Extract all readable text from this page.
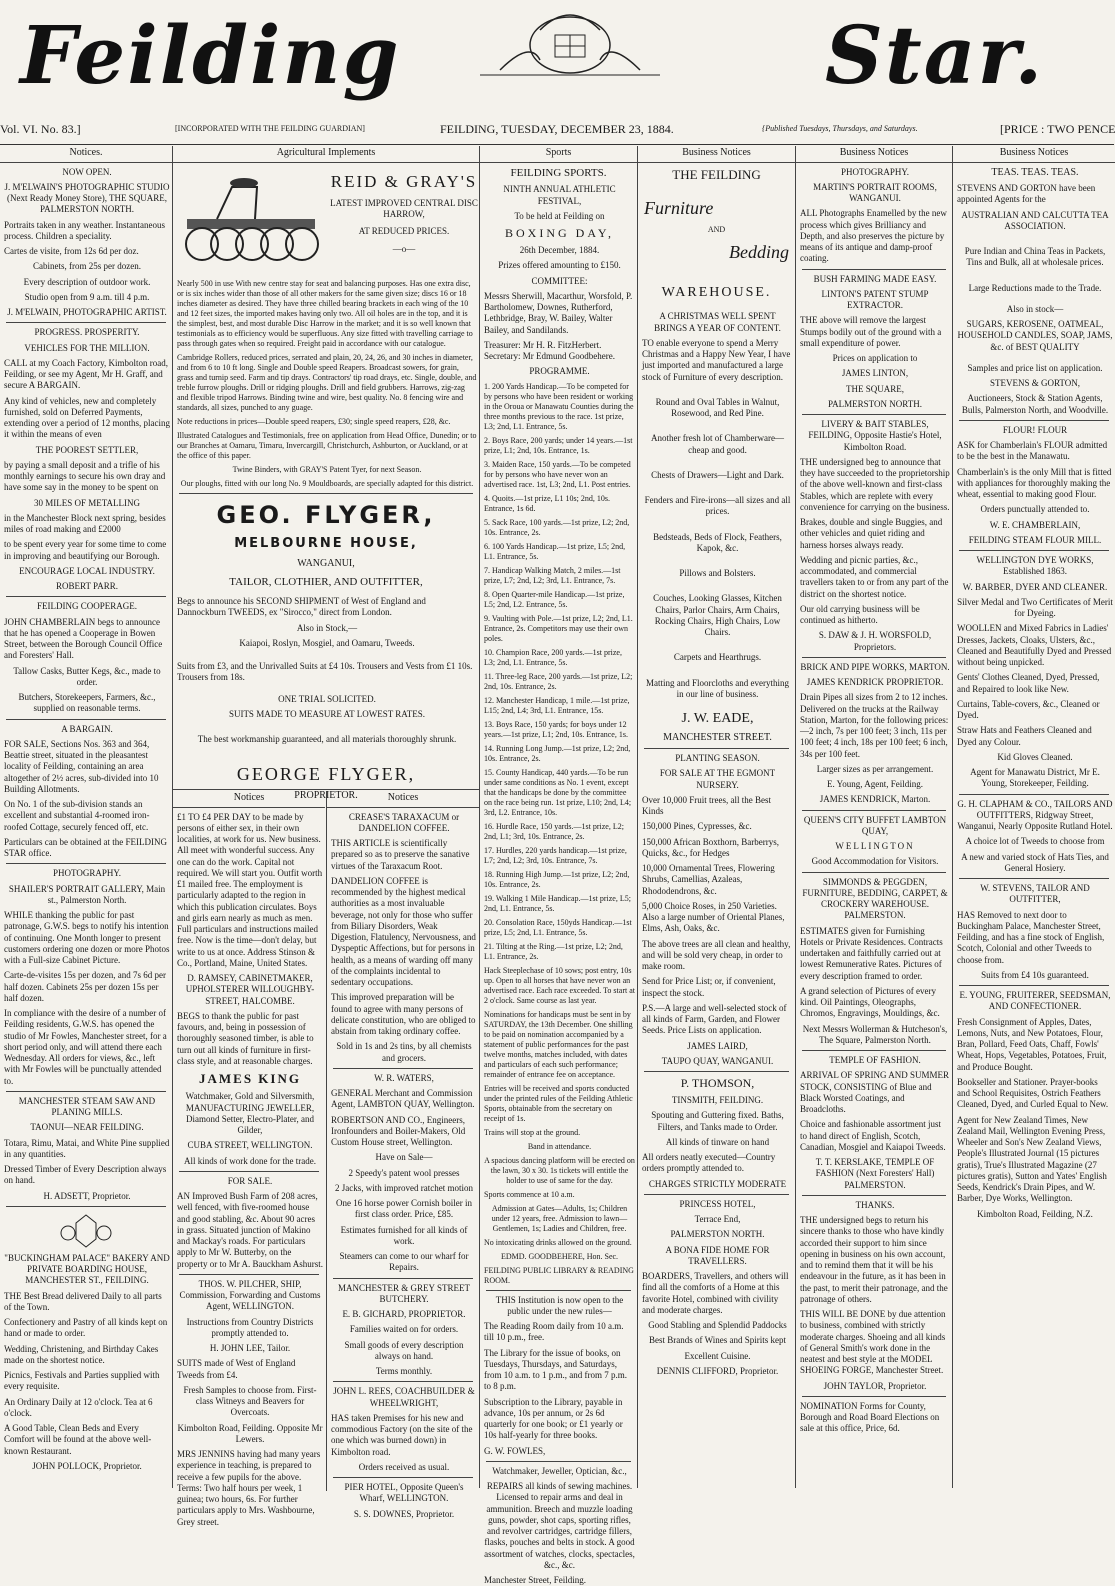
Feilding	Star.
Vol. VI. No. 83.]	[INCORPORATED WITH THE FEILDING GUARDIAN]	FEILDING, TUESDAY, DECEMBER 23, 1884.	{Published Tuesdays, Thursdays, and Saturdays.	[PRICE : TWO PENCE
Notices.

NOW OPEN.

J. M'ELWAIN'S PHOTOGRAPHIC STUDIO (Next Ready Money Store), THE SQUARE, PALMERSTON NORTH.

Portraits taken in any weather. Instantaneous process. Children a speciality.

Cartes de visite, from 12s 6d per doz.

Cabinets, from 25s per dozen.

Every description of outdoor work.

Studio open from 9 a.m. till 4 p.m.

J. M'ELWAIN, PHOTOGRAPHIC ARTIST.

PROGRESS. PROSPERITY.

VEHICLES FOR THE MILLION.

CALL at my Coach Factory, Kimbolton road, Feilding, or see my Agent, Mr H. Graff, and secure A BARGAIN.

Any kind of vehicles, new and completely furnished, sold on Deferred Payments, extending over a period of 12 months, placing it within the means of even

THE POOREST SETTLER,

by paying a small deposit and a trifle of his monthly earnings to secure his own dray and have some say in the money to be spent on

30 MILES OF METALLING

in the Manchester Block next spring, besides miles of road making and £2000

to be spent every year for some time to come in improving and beautifying our Borough.

ENCOURAGE LOCAL INDUSTRY.

ROBERT PARR.

FEILDING COOPERAGE.

JOHN CHAMBERLAIN begs to announce that he has opened a Cooperage in Bowen Street, between the Borough Council Office and Foresters' Hall.

Tallow Casks, Butter Kegs, &c., made to order.

Butchers, Storekeepers, Farmers, &c., supplied on reasonable terms.

A BARGAIN.

FOR SALE, Sections Nos. 363 and 364, Beattie street, situated in the pleasantest locality of Feilding, containing an area altogether of 2½ acres, sub-divided into 10 Building Allotments.

On No. 1 of the sub-division stands an excellent and substantial 4-roomed iron-roofed Cottage, securely fenced off, etc.

Particulars can be obtained at the FEILDING STAR office.

PHOTOGRAPHY.

SHAILER'S PORTRAIT GALLERY, Main st., Palmerston North.

WHILE thanking the public for past patronage, G.W.S. begs to notify his intention of continuing. One Month longer to present customers ordering one dozen or more Photos with a Full-size Cabinet Picture.

Carte-de-visites 15s per dozen, and 7s 6d per half dozen. Cabinets 25s per dozen 15s per half dozen.

In compliance with the desire of a number of Feilding residents, G.W.S. has opened the studio of Mr Fowles, Manchester street, for a short period only, and will attend there each Wednesday. All orders for views, &c., left with Mr Fowles will be punctually attended to.

MANCHESTER STEAM SAW AND PLANING MILLS.

TAONUI—NEAR FEILDING.

Totara, Rimu, Matai, and White Pine supplied in any quantities.

Dressed Timber of Every Description always on hand.

H. ADSETT, Proprietor.

"BUCKINGHAM PALACE" BAKERY AND PRIVATE BOARDING HOUSE, MANCHESTER ST., FEILDING.

THE Best Bread delivered Daily to all parts of the Town.

Confectionery and Pastry of all kinds kept on hand or made to order.

Wedding, Christening, and Birthday Cakes made on the shortest notice.

Picnics, Festivals and Parties supplied with every requisite.

An Ordinary Daily at 12 o'clock. Tea at 6 o'clock.

A Good Table, Clean Beds and Every Comfort will be found at the above well-known Restaurant.

JOHN POLLOCK, Proprietor.

Agricultural Implements
REID & GRAY'S
LATEST IMPROVED CENTRAL DISC HARROW,
AT REDUCED PRICES.
—o—

Nearly 500 in use With new centre stay for seat and balancing purposes. Has one extra disc, or is six inches wider than those of all other makers for the same given size; discs 16 or 18 inches diameter as desired. They have three chilled bearing brackets in each wing of the 10 and 12 feet sizes, the imported makes having only two. All oil holes are in the top, and it is the simplest, best, and most durable Disc Harrow in the market; and it is so well known that testimonials as to efficiency would be superfluous. Any size fitted with travelling carriage to pass through gates when so required. Freight paid in accordance with our catalogue.

Cambridge Rollers, reduced prices, serrated and plain, 20, 24, 26, and 30 inches in diameter, and from 6 to 10 ft long. Single and Double speed Reapers. Broadcast sowers, for grain, grass and turnip seed. Farm and tip drays. Contractors' tip road drays, etc. Single, double, and treble furrow ploughs. Drill or ridging ploughs. Drill and field grubbers. Harrows, zig-zag and flexible tripod Harrows. Binding twine and wire, best quality. No. 8 fencing wire and standards, all sizes, punched to any guage.

Note reductions in prices—Double speed reapers, £30; single speed reapers, £28, &c.

Illustrated Catalogues and Testimonials, free on application from Head Office, Dunedin; or to our Branches at Oamaru, Timaru, Invercargill, Christchurch, Ashburton, or Auckland, or at the office of this paper.

Twine Binders, with GRAY'S Patent Tyer, for next Season.

Our ploughs, fitted with our long No. 9 Mouldboards, are specially adapted for this district.

GEO. FLYGER,
MELBOURNE HOUSE,
WANGANUI,
TAILOR, CLOTHIER, AND OUTFITTER,

Begs to announce his SECOND SHIPMENT of West of England and Dannockburn TWEEDS, ex "Sirocco," direct from London.

Also in Stock,—

Kaiapoi, Roslyn, Mosgiel, and Oamaru, Tweeds.

Suits from £3, and the Unrivalled Suits at £4 10s. Trousers and Vests from £1 10s. Trousers from 18s.

ONE TRIAL SOLICITED.

SUITS MADE TO MEASURE AT LOWEST RATES.

The best workmanship guaranteed, and all materials thoroughly shrunk.

GEORGE FLYGER,
PROPRIETOR.
Notices

£1 TO £4 PER DAY to be made by persons of either sex, in their own localities, at work for us. New business. All meet with wonderful success. Any one can do the work. Capital not required. We will start you. Outfit worth £1 mailed free. The employment is particularly adapted to the region in which this publication circulates. Boys and girls earn nearly as much as men. Full particulars and instructions mailed free. Now is the time—don't delay, but write to us at once. Address Stinson & Co., Portland, Maine, United States.

D. RAMSEY, CABINETMAKER, UPHOLSTERER WILLOUGHBY-STREET, HALCOMBE.

BEGS to thank the public for past favours, and, being in possession of thoroughly seasoned timber, is able to turn out all kinds of furniture in first-class style, and at reasonable charges.

JAMES KING

Watchmaker, Gold and Silversmith, MANUFACTURING JEWELLER, Diamond Setter, Electro-Plater, and Gilder,

CUBA STREET, WELLINGTON.

All kinds of work done for the trade.

FOR SALE.

AN Improved Bush Farm of 208 acres, well fenced, with five-roomed house and good stabling, &c. About 90 acres in grass. Situated junction of Makino and Mackay's roads. For particulars apply to Mr W. Butterby, on the property or to Mr A. Bauckham Ashurst.

THOS. W. PILCHER, SHIP, Commission, Forwarding and Customs Agent, WELLINGTON.

Instructions from Country Districts promptly attended to.

H. JOHN LEE, Tailor.

SUITS made of West of England Tweeds from £4.

Fresh Samples to choose from. First-class Witneys and Beavers for Overcoats.

Kimbolton Road, Feilding. Opposite Mr Lewers.

MRS JENNINS having had many years experience in teaching, is prepared to receive a few pupils for the above. Terms: Two half hours per week, 1 guinea; two hours, 6s. For further particulars apply to Mrs. Washbourne, Grey street.

Notices

CREASE'S TARAXACUM or DANDELION COFFEE.

THIS ARTICLE is scientifically prepared so as to preserve the sanative virtues of the Taraxacum Root.

DANDELION COFFEE is recommended by the highest medical authorities as a most invaluable beverage, not only for those who suffer from Biliary Disorders, Weak Digestion, Flatulency, Nervousness, and Dyspeptic Affections, but for persons in health, as a means of warding off many of the complaints incidental to sedentary occupations.

This improved preparation will be found to agree with many persons of delicate constitution, who are obliged to abstain from taking ordinary coffee.

Sold in 1s and 2s tins, by all chemists and grocers.

W. R. WATERS,

GENERAL Merchant and Commission Agent, LAMBTON QUAY, Wellington.

ROBERTSON AND CO., Engineers, Ironfounders and Boiler-Makers, Old Custom House street, Wellington.

Have on Sale—

2 Speedy's patent wool presses

2 Jacks, with improved ratchet motion

One 16 horse power Cornish boiler in first class order. Price, £85.

Estimates furnished for all kinds of work.

Steamers can come to our wharf for Repairs.

MANCHESTER & GREY STREET BUTCHERY.

E. B. GICHARD, PROPRIETOR.

Families waited on for orders.

Small goods of every description always on hand.

Terms monthly.

JOHN L. REES, COACHBUILDER & WHEELWRIGHT,

HAS taken Premises for his new and commodious Factory (on the site of the one which was burned down) in Kimbolton road.

Orders received as usual.

PIER HOTEL, Opposite Queen's Wharf, WELLINGTON.

S. S. DOWNES, Proprietor.

Sports
FEILDING SPORTS.

NINTH ANNUAL ATHLETIC FESTIVAL,

To be held at Feilding on

BOXING DAY,

26th December, 1884.

Prizes offered amounting to £150.

COMMITTEE:

Messrs Sherwill, Macarthur, Worsfold, P. Bartholomew, Downes, Rutherford, Lethbridge, Bray, W. Bailey, Walter Bailey, and Sandilands.

Treasurer: Mr H. R. FitzHerbert. Secretary: Mr Edmund Goodbehere.

PROGRAMME.

1. 200 Yards Handicap.—To be competed for by persons who have been resident or working in the Oroua or Manawatu Counties during the three months previous to the race. 1st prize, L3; 2nd, L1. Entrance, 5s.

2. Boys Race, 200 yards; under 14 years.—1st prize, L1; 2nd, 10s. Entrance, 1s.

3. Maiden Race, 150 yards.—To be competed for by persons who have never won an advertised race. 1st, L3; 2nd, L1. Post entries.

4. Quoits.—1st prize, L1 10s; 2nd, 10s. Entrance, 1s 6d.

5. Sack Race, 100 yards.—1st prize, L2; 2nd, 10s. Entrance, 2s.

6. 100 Yards Handicap.—1st prize, L5; 2nd, L1. Entrance, 5s.

7. Handicap Walking Match, 2 miles.—1st prize, L7; 2nd, L2; 3rd, L1. Entrance, 7s.

8. Open Quarter-mile Handicap.—1st prize, L5; 2nd, L2. Entrance, 5s.

9. Vaulting with Pole.—1st prize, L2; 2nd, L1. Entrance, 2s. Competitors may use their own poles.

10. Champion Race, 200 yards.—1st prize, L3; 2nd, L1. Entrance, 5s.

11. Three-leg Race, 200 yards.—1st prize, L2; 2nd, 10s. Entrance, 2s.

12. Manchester Handicap, 1 mile.—1st prize, L15; 2nd, L4; 3rd, L1. Entrance, 15s.

13. Boys Race, 150 yards; for boys under 12 years.—1st prize, L1; 2nd, 10s. Entrance, 1s.

14. Running Long Jump.—1st prize, L2; 2nd, 10s. Entrance, 2s.

15. County Handicap, 440 yards.—To be run under same conditions as No. 1 event, except that the handicaps be done by the committee on the race being run. 1st prize, L10; 2nd, L4; 3rd, L2. Entrance, 10s.

16. Hurdle Race, 150 yards.—1st prize, L2; 2nd, L1; 3rd, 10s. Entrance, 2s.

17. Hurdles, 220 yards handicap.—1st prize, L7; 2nd, L2; 3rd, 10s. Entrance, 7s.

18. Running High Jump.—1st prize, L2; 2nd, 10s. Entrance, 2s.

19. Walking 1 Mile Handicap.—1st prize, L5; 2nd, L1. Entrance, 5s.

20. Consolation Race, 150yds Handicap.—1st prize, L5; 2nd, L1. Entrance, 5s.

21. Tilting at the Ring.—1st prize, L2; 2nd, L1. Entrance, 2s.

Hack Steeplechase of 10 sows; post entry, 10s up. Open to all horses that have never won an advertised race. Each race exceeded. To start at 2 o'clock. Same course as last year.

Nominations for handicaps must be sent in by SATURDAY, the 13th December. One shilling to be paid on nomination accompanied by a statement of public performances for the past twelve months, matches included, with dates and particulars of each such performance; remainder of entrance fee on acceptance.

Entries will be received and sports conducted under the printed rules of the Feilding Athletic Sports, obtainable from the secretary on receipt of 1s.

Trains will stop at the ground.

Band in attendance.

A spacious dancing platform will be erected on the lawn, 30 x 30. 1s tickets will entitle the holder to use of same for the day.

Sports commence at 10 a.m.

Admission at Gates—Adults, 1s; Children under 12 years, free. Admission to lawn—Gentlemen, 1s; Ladies and Children, free.

No intoxicating drinks allowed on the ground.

EDMD. GOODBEHERE, Hon. Sec.

FEILDING PUBLIC LIBRARY & READING ROOM.

THIS Institution is now open to the public under the new rules—

The Reading Room daily from 10 a.m. till 10 p.m., free.

The Library for the issue of books, on Tuesdays, Thursdays, and Saturdays, from 10 a.m. to 1 p.m., and from 7 p.m. to 8 p.m.

Subscription to the Library, payable in advance, 10s per annum, or 2s 6d quarterly for one book; or £1 yearly or 10s half-yearly for three books.

G. W. FOWLES,

Watchmaker, Jeweller, Optician, &c.,

REPAIRS all kinds of sewing machines. Licensed to repair arms and deal in ammunition. Breech and muzzle loading guns, powder, shot caps, sporting rifles, and revolver cartridges, cartridge fillers, flasks, pouches and belts in stock. A good assortment of watches, clocks, spectacles, &c., &c.

Manchester Street, Feilding.

Business Notices
THE FEILDING
Furniture
AND
Bedding
WAREHOUSE.

A CHRISTMAS WELL SPENT BRINGS A YEAR OF CONTENT.

TO enable everyone to spend a Merry Christmas and a Happy New Year, I have just imported and manufactured a large stock of Furniture of every description.

Round and Oval Tables in Walnut, Rosewood, and Red Pine.

Another fresh lot of Chamberware—cheap and good.

Chests of Drawers—Light and Dark.

Fenders and Fire-irons—all sizes and all prices.

Bedsteads, Beds of Flock, Feathers, Kapok, &c.

Pillows and Bolsters.

Couches, Looking Glasses, Kitchen Chairs, Parlor Chairs, Arm Chairs, Rocking Chairs, High Chairs, Low Chairs.

Carpets and Hearthrugs.

Matting and Floorcloths and everything in our line of business.

J. W. EADE,

MANCHESTER STREET.

PLANTING SEASON.

FOR SALE AT THE EGMONT NURSERY.

Over 10,000 Fruit trees, all the Best Kinds

150,000 Pines, Cypresses, &c.

150,000 African Boxthorn, Barberrys, Quicks, &c., for Hedges

10,000 Ornamental Trees, Flowering Shrubs, Camellias, Azaleas, Rhododendrons, &c.

5,000 Choice Roses, in 250 Varieties. Also a large number of Oriental Planes, Elms, Ash, Oaks, &c.

The above trees are all clean and healthy, and will be sold very cheap, in order to make room.

Send for Price List; or, if convenient, inspect the stock.

P.S.—A large and well-selected stock of all kinds of Farm, Garden, and Flower Seeds. Price Lists on application.

JAMES LAIRD,

TAUPO QUAY, WANGANUI.

P. THOMSON,

TINSMITH, FEILDING.

Spouting and Guttering fixed. Baths, Filters, and Tanks made to Order.

All kinds of tinware on hand

All orders neatly executed—Country orders promptly attended to.

CHARGES STRICTLY MODERATE

PRINCESS HOTEL,

Terrace End,

PALMERSTON NORTH.

A BONA FIDE HOME FOR TRAVELLERS.

BOARDERS, Travellers, and others will find all the comforts of a Home at this favorite Hotel, combined with civility and moderate charges.

Good Stabling and Splendid Paddocks

Best Brands of Wines and Spirits kept

Excellent Cuisine.

DENNIS CLIFFORD, Proprietor.

Business Notices

PHOTOGRAPHY.

MARTIN'S PORTRAIT ROOMS, WANGANUI.

ALL Photographs Enamelled by the new process which gives Brilliancy and Depth, and also preserves the picture by means of its antique and damp-proof coating.

BUSH FARMING MADE EASY.

LINTON'S PATENT STUMP EXTRACTOR.

THE above will remove the largest Stumps bodily out of the ground with a small expenditure of power.

Prices on application to

JAMES LINTON,

THE SQUARE,

PALMERSTON NORTH.

LIVERY & BAIT STABLES, FEILDING, Opposite Hastie's Hotel, Kimbolton Road.

THE undersigned beg to announce that they have succeeded to the proprietorship of the above well-known and first-class Stables, which are replete with every convenience for carrying on the business.

Brakes, double and single Buggies, and other vehicles and quiet riding and harness horses always ready.

Wedding and picnic parties, &c., accommodated, and commercial travellers taken to or from any part of the district on the shortest notice.

Our old carrying business will be continued as hitherto.

S. DAW & J. H. WORSFOLD, Proprietors.

BRICK AND PIPE WORKS, MARTON.

JAMES KENDRICK PROPRIETOR.

Drain Pipes all sizes from 2 to 12 inches. Delivered on the trucks at the Railway Station, Marton, for the following prices:—2 inch, 7s per 100 feet; 3 inch, 11s per 100 feet; 4 inch, 18s per 100 feet; 6 inch, 34s per 100 feet.

Larger sizes as per arrangement.

E. Young, Agent, Feilding.

JAMES KENDRICK, Marton.

QUEEN'S CITY BUFFET LAMBTON QUAY,

WELLINGTON

Good Accommodation for Visitors.

SIMMONDS & PEGGDEN, FURNITURE, BEDDING, CARPET, & CROCKERY WAREHOUSE. PALMERSTON.

ESTIMATES given for Furnishing Hotels or Private Residences. Contracts undertaken and faithfully carried out at lowest Remunerative Rates. Pictures of every description framed to order.

A grand selection of Pictures of every kind. Oil Paintings, Oleographs, Chromos, Engravings, Mouldings, &c.

Next Messrs Wollerman & Hutcheson's, The Square, Palmerston North.

TEMPLE OF FASHION.

ARRIVAL OF SPRING AND SUMMER STOCK, CONSISTING of Blue and Black Worsted Coatings, and Broadcloths.

Choice and fashionable assortment just to hand direct of English, Scotch, Canadian, Mosgiel and Kaiapoi Tweeds.

T. T. KERSLAKE, TEMPLE OF FASHION (Next Foresters' Hall) PALMERSTON.

THANKS.

THE undersigned begs to return his sincere thanks to those who have kindly accorded their support to him since opening in business on his own account, and to remind them that it will be his endeavour in the future, as it has been in the past, to merit their patronage, and the patronage of others.

THIS WILL BE DONE by due attention to business, combined with strictly moderate charges. Shoeing and all kinds of General Smith's work done in the neatest and best style at the MODEL SHOEING FORGE, Manchester Street.

JOHN TAYLOR, Proprietor.

NOMINATION Forms for County, Borough and Road Board Elections on sale at this office, Price, 6d.

Business Notices

TEAS. TEAS. TEAS.

STEVENS AND GORTON have been appointed Agents for the

AUSTRALIAN AND CALCUTTA TEA ASSOCIATION.

Pure Indian and China Teas in Packets, Tins and Bulk, all at wholesale prices.

Large Reductions made to the Trade.

Also in stock—

SUGARS, KEROSENE, OATMEAL, HOUSEHOLD CANDLES, SOAP, JAMS, &c. of BEST QUALITY

Samples and price list on application.

STEVENS & GORTON,

Auctioneers, Stock & Station Agents, Bulls, Palmerston North, and Woodville.

FLOUR! FLOUR

ASK for Chamberlain's FLOUR admitted to be the best in the Manawatu.

Chamberlain's is the only Mill that is fitted with appliances for thoroughly making the wheat, essential to making good Flour.

Orders punctually attended to.

W. E. CHAMBERLAIN,

FEILDING STEAM FLOUR MILL.

WELLINGTON DYE WORKS, Established 1863.

W. BARBER, DYER AND CLEANER.

Silver Medal and Two Certificates of Merit for Dyeing.

WOOLLEN and Mixed Fabrics in Ladies' Dresses, Jackets, Cloaks, Ulsters, &c., Cleaned and Beautifully Dyed and Pressed without being unpicked.

Gents' Clothes Cleaned, Dyed, Pressed, and Repaired to look like New.

Curtains, Table-covers, &c., Cleaned or Dyed.

Straw Hats and Feathers Cleaned and Dyed any Colour.

Kid Gloves Cleaned.

Agent for Manawatu District, Mr E. Young, Storekeeper, Feilding.

G. H. CLAPHAM & CO., TAILORS AND OUTFITTERS, Ridgway Street, Wanganui, Nearly Opposite Rutland Hotel.

A choice lot of Tweeds to choose from

A new and varied stock of Hats Ties, and General Hosiery.

W. STEVENS, TAILOR AND OUTFITTER,

HAS Removed to next door to Buckingham Palace, Manchester Street, Feilding, and has a fine stock of English, Scotch, Colonial and other Tweeds to choose from.

Suits from £4 10s guaranteed.

E. YOUNG, FRUITERER, SEEDSMAN, AND CONFECTIONER.

Fresh Consignment of Apples, Dates, Lemons, Nuts, and New Potatoes, Flour, Bran, Pollard, Feed Oats, Chaff, Fowls' Wheat, Hops, Vegetables, Potatoes, Fruit, and Produce Bought.

Bookseller and Stationer. Prayer-books and School Requisites, Ostrich Feathers Cleaned, Dyed, and Curled Equal to New.

Agent for New Zealand Times, New Zealand Mail, Wellington Evening Press, Wheeler and Son's New Zealand Views, People's Illustrated Journal (15 pictures gratis), True's Illustrated Magazine (27 pictures gratis), Sutton and Yates' English Seeds, Kendrick's Drain Pipes, and W. Barber, Dye Works, Wellington.

Kimbolton Road, Feilding, N.Z.
